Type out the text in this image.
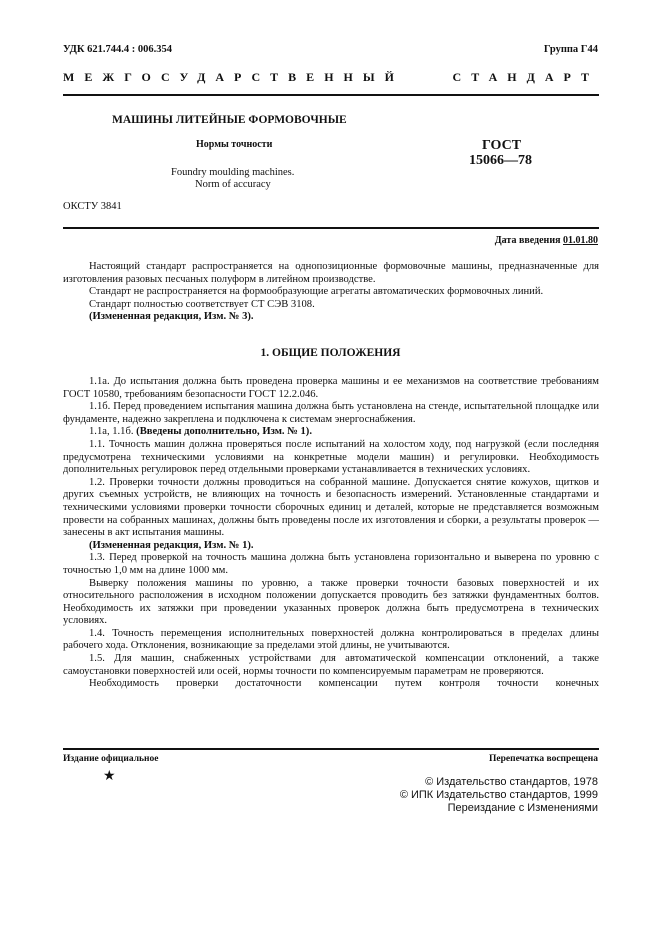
УДК 621.744.4 : 006.354	Группа Г44
МЕЖГОСУДАРСТВЕННЫЙ СТАНДАРТ
МАШИНЫ ЛИТЕЙНЫЕ ФОРМОВОЧНЫЕ
Нормы точности
Foundry moulding machines.
Norm of accuracy
ГОСТ
15066—78
ОКСТУ 3841
Дата введения 01.01.80

Настоящий стандарт распространяется на однопозиционные формовочные машины, предназначенные для изготовления разовых песчаных полуформ в литейном производстве.

Стандарт не распространяется на формообразующие агрегаты автоматических формовочных линий.

Стандарт полностью соответствует СТ СЭВ 3108.

(Измененная редакция, Изм. № 3).

1. ОБЩИЕ ПОЛОЖЕНИЯ

1.1а. До испытания должна быть проведена проверка машины и ее механизмов на соответствие требованиям ГОСТ 10580, требованиям безопасности ГОСТ 12.2.046.

1.1б. Перед проведением испытания машина должна быть установлена на стенде, испытательной площадке или фундаменте, надежно закреплена и подключена к системам энергоснабжения.

1.1а, 1.1б. (Введены дополнительно, Изм. № 1).

1.1. Точность машин должна проверяться после испытаний на холостом ходу, под нагрузкой (если последняя предусмотрена техническими условиями на конкретные модели машин) и регулировки. Необходимость дополнительных регулировок перед отдельными проверками устанавливается в технических условиях.

1.2. Проверки точности должны проводиться на собранной машине. Допускается снятие кожухов, щитков и других съемных устройств, не влияющих на точность и безопасность измерений. Установленные стандартами и техническими условиями проверки точности сборочных единиц и деталей, которые не представляется возможным провести на собранных машинах, должны быть проведены после их изготовления и сборки, а результаты проверок — занесены в акт испытания машины.

(Измененная редакция, Изм. № 1).

1.3. Перед проверкой на точность машина должна быть установлена горизонтально и выверена по уровню с точностью 1,0 мм на длине 1000 мм.

Выверку положения машины по уровню, а также проверки точности базовых поверхностей и их относительного расположения в исходном положении допускается проводить без затяжки фундаментных болтов. Необходимость их затяжки при проведении указанных проверок должна быть предусмотрена в технических условиях.

1.4. Точность перемещения исполнительных поверхностей должна контролироваться в пределах длины рабочего хода. Отклонения, возникающие за пределами этой длины, не учитываются.

1.5. Для машин, снабженных устройствами для автоматической компенсации отклонений, а также самоустановки поверхностей или осей, нормы точности по компенсируемым параметрам не проверяются.

Необходимость проверки достаточности компенсации путем контроля точности конечных

Издание официальное	Перепечатка воспрещена
★	© Издательство стандартов, 1978
© ИПК Издательство стандартов, 1999
Переиздание с Изменениями
